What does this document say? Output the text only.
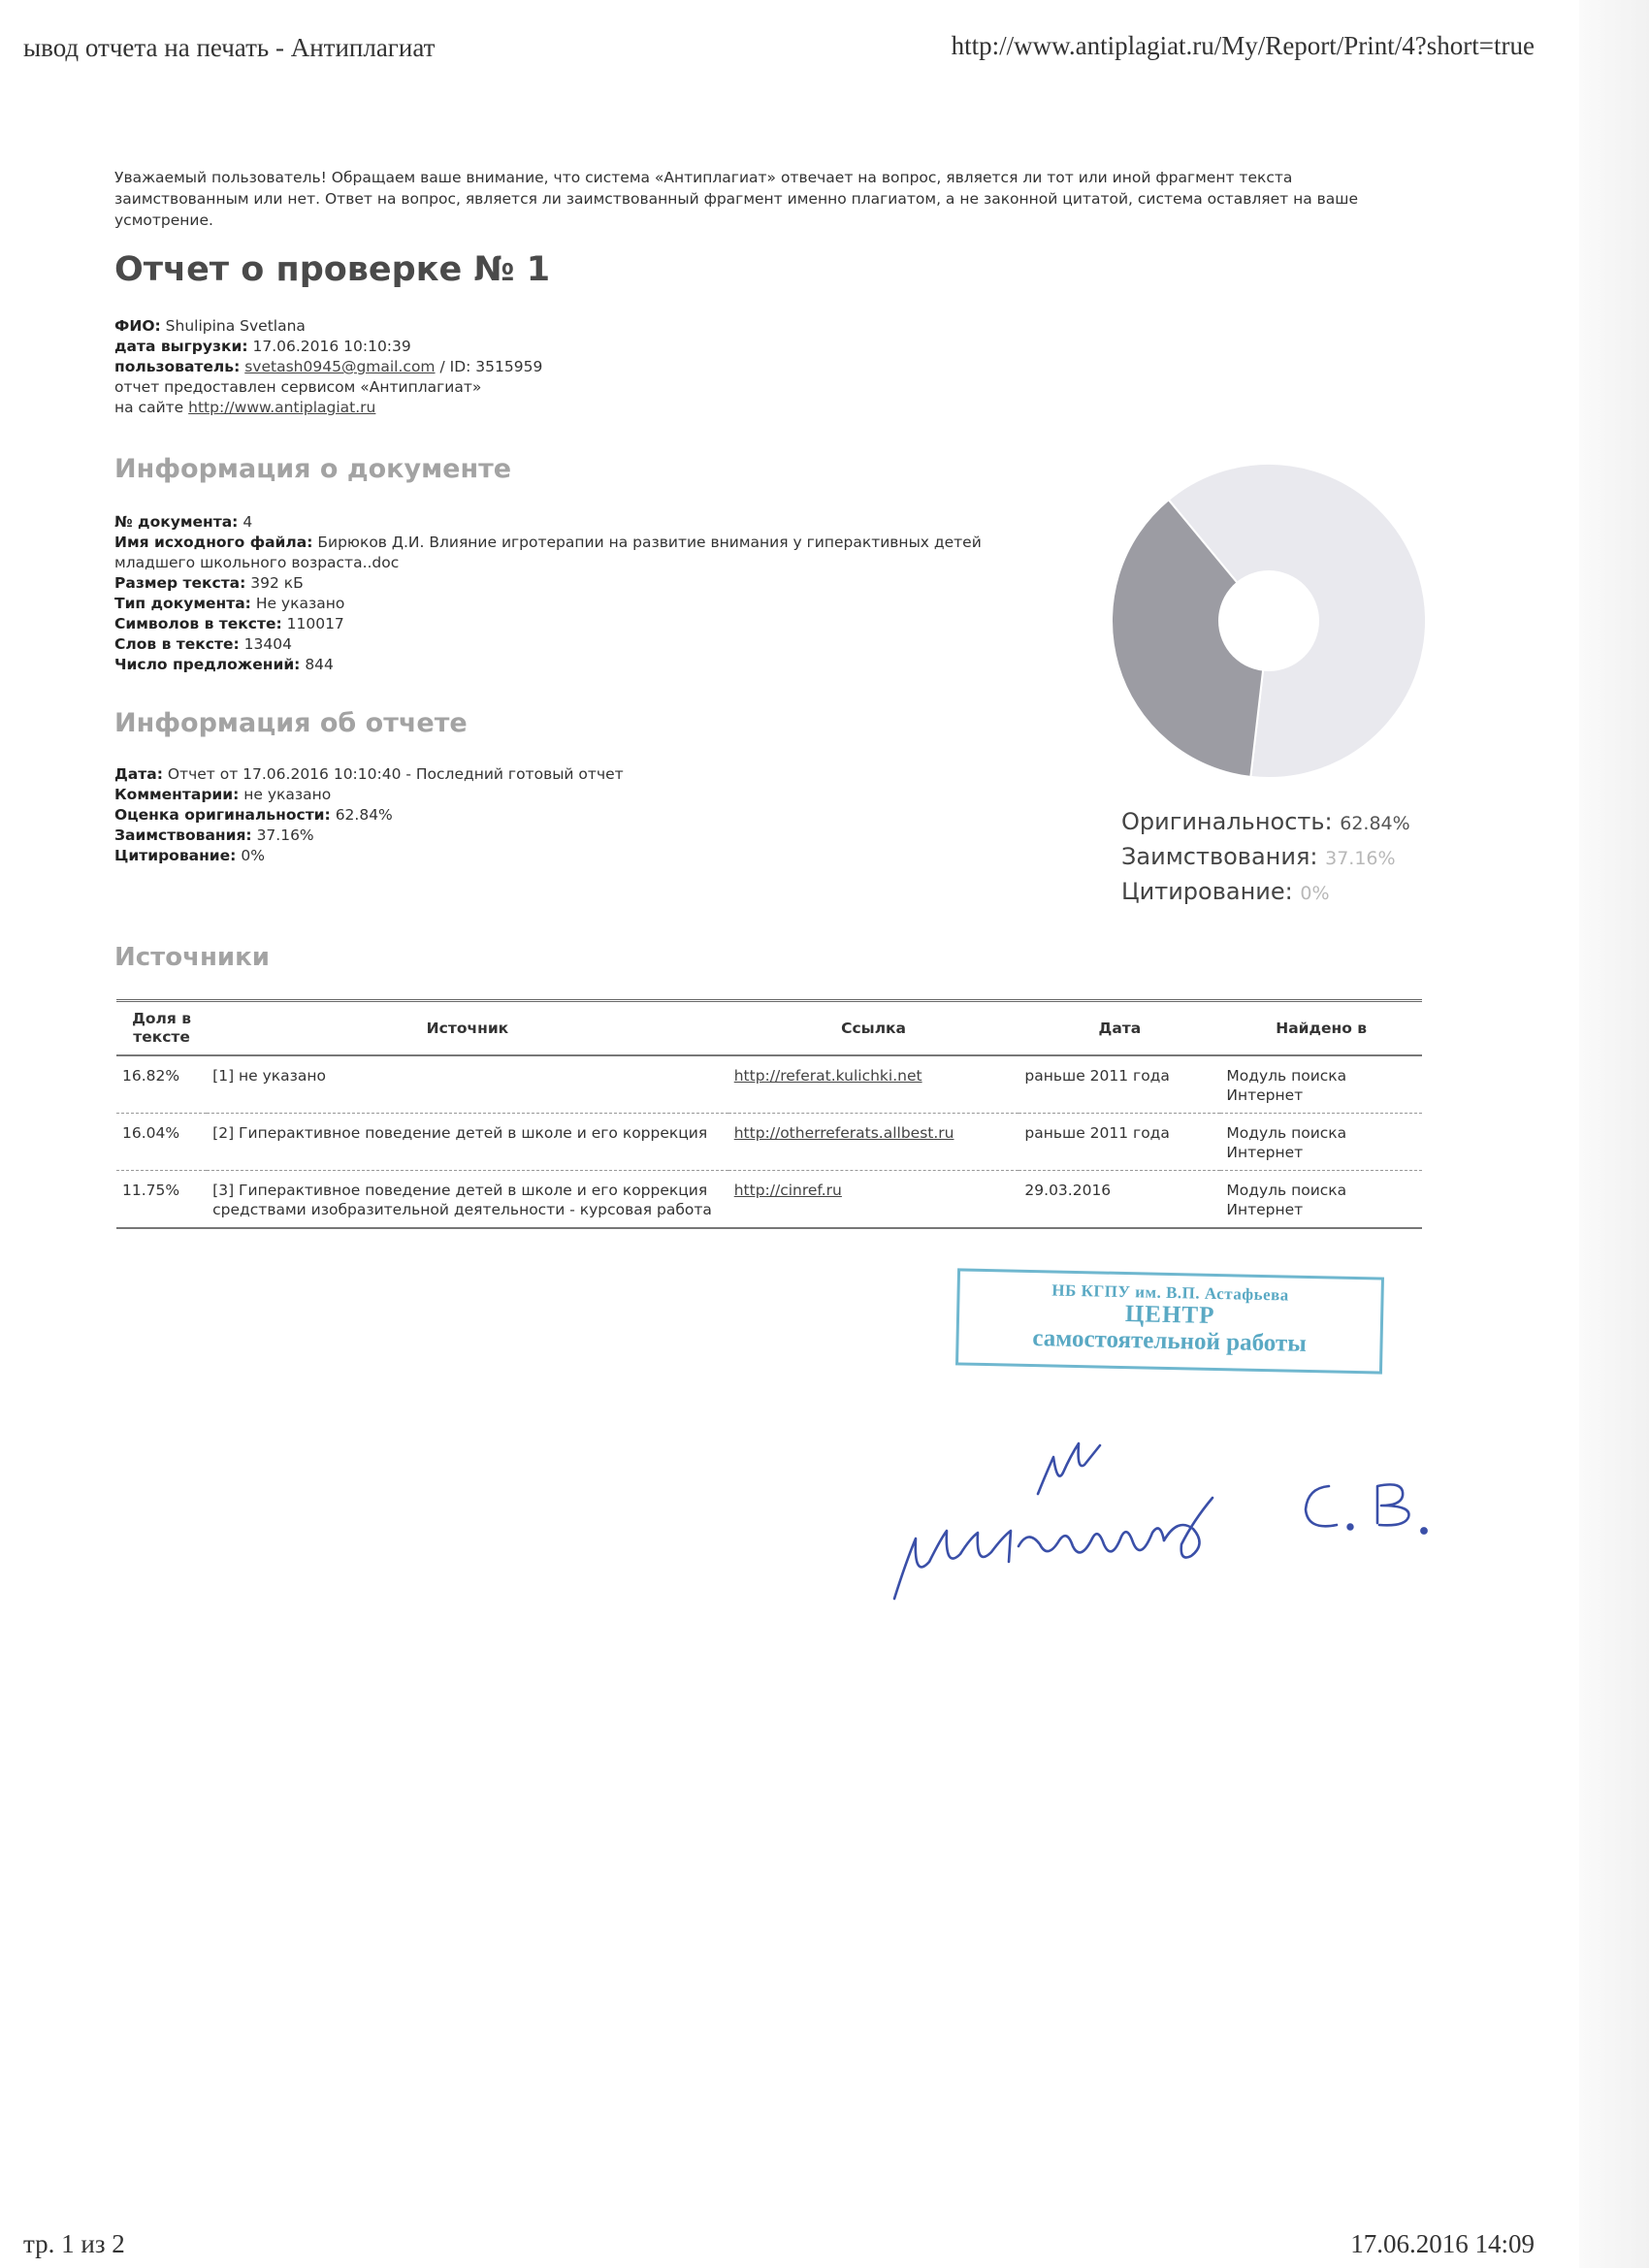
ывод отчета на печать - Антиплагиат	http://www.antiplagiat.ru/My/Report/Print/4?short=true
Уважаемый пользователь! Обращаем ваше внимание, что система «Антиплагиат» отвечает на вопрос, является ли тот или иной фрагмент текста заимствованным или нет. Ответ на вопрос, является ли заимствованный фрагмент именно плагиатом, а не законной цитатой, система оставляет на ваше усмотрение.
Отчет о проверке № 1
ФИО: Shulipina Svetlana
дата выгрузки: 17.06.2016 10:10:39
пользователь: svetash0945@gmail.com / ID: 3515959
отчет предоставлен сервисом «Антиплагиат»
на сайте http://www.antiplagiat.ru
Информация о документе
№ документа: 4
Имя исходного файла: Бирюков Д.И. Влияние игротерапии на развитие внимания у гиперактивных детей младшего школьного возраста..doc
Размер текста: 392 кБ
Тип документа: Не указано
Символов в тексте: 110017
Слов в тексте: 13404
Число предложений: 844
Информация об отчете
Дата: Отчет от 17.06.2016 10:10:40 - Последний готовый отчет
Комментарии: не указано
Оценка оригинальности: 62.84%
Заимствования: 37.16%
Цитирование: 0%
Оригинальность: 62.84%
Заимствования: 37.16%
Цитирование: 0%
Источники
Доля в тексте	Источник	Ссылка	Дата	Найдено в
16.82%	[1] не указано	http://referat.kulichki.net	раньше 2011 года	Модуль поиска Интернет
16.04%	[2] Гиперактивное поведение детей в школе и его коррекция	http://otherreferats.allbest.ru	раньше 2011 года	Модуль поиска Интернет
11.75%	[3] Гиперактивное поведение детей в школе и его коррекция средствами изобразительной деятельности - курсовая работа	http://cinref.ru	29.03.2016	Модуль поиска Интернет
НБ КГПУ им. В.П. Астафьева
ЦЕНТР
самостоятельной работы
тр. 1 из 2	17.06.2016 14:09
